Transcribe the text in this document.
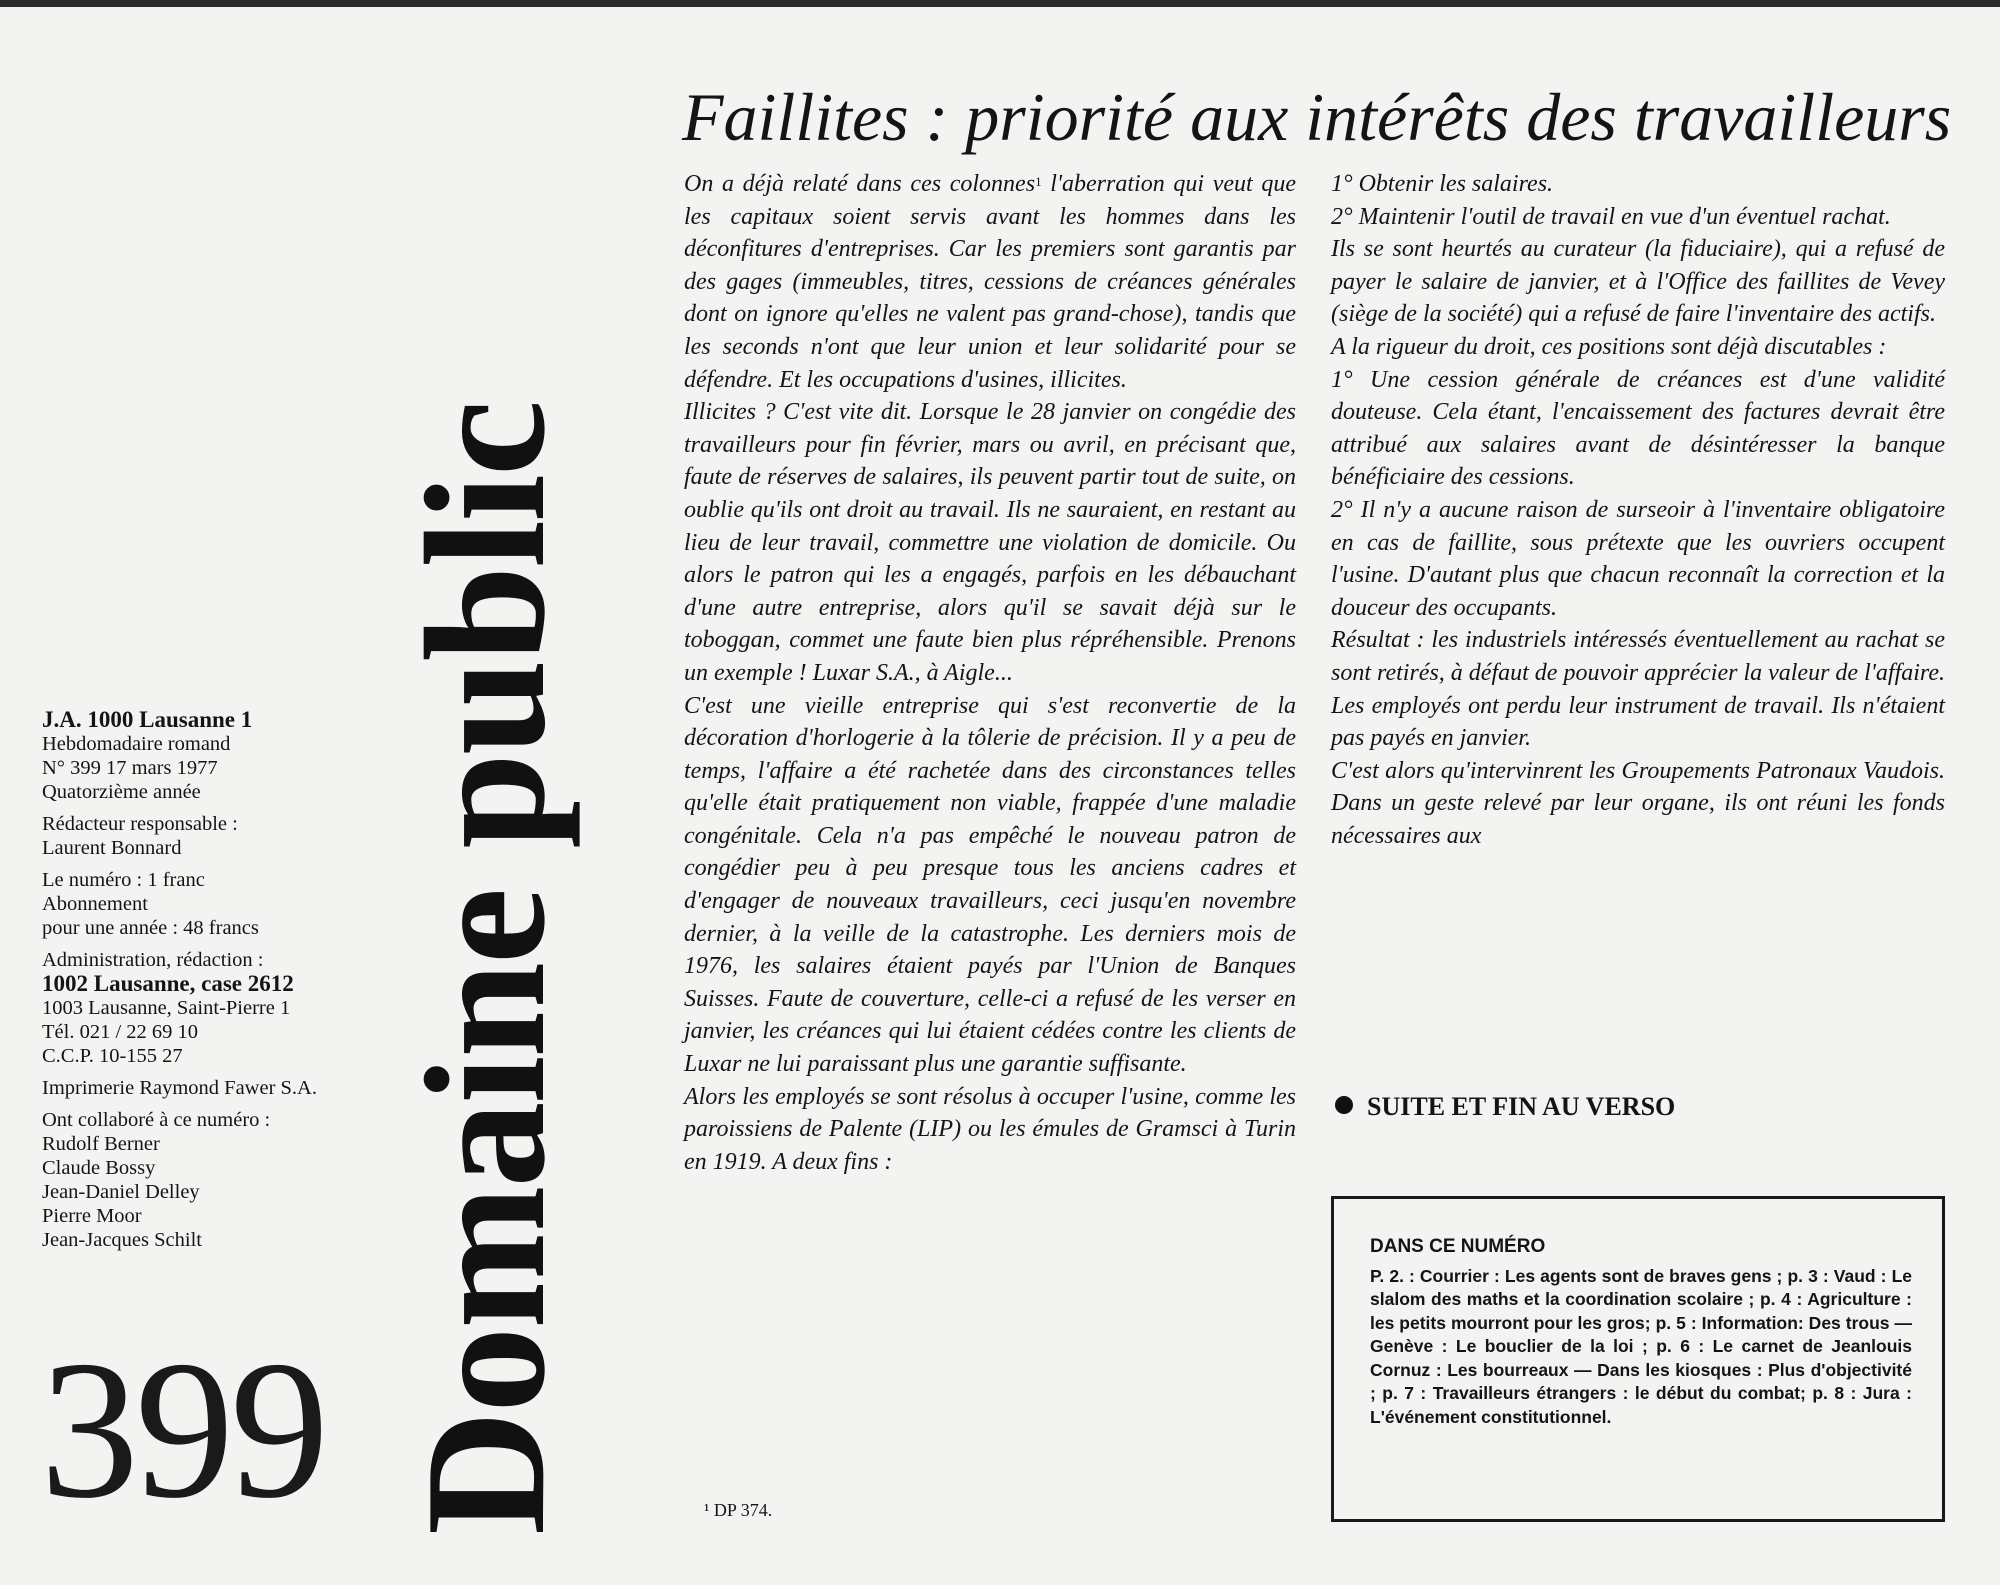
J.A. 1000 Lausanne 1
Hebdomadaire romand
N° 399 17 mars 1977
Quatorzième année
Rédacteur responsable :
Laurent Bonnard
Le numéro : 1 franc
Abonnement
pour une année : 48 francs
Administration, rédaction :
1002 Lausanne, case 2612
1003 Lausanne, Saint-Pierre 1
Tél. 021 / 22 69 10
C.C.P. 10-155 27
Imprimerie Raymond Fawer S.A.
Ont collaboré à ce numéro :
Rudolf Berner
Claude Bossy
Jean-Daniel Delley
Pierre Moor
Jean-Jacques Schilt
399 Domaine public
Faillites : priorité aux intérêts des travailleurs

On a déjà relaté dans ces colonnes$^1$ l'aberration qui veut que les capitaux soient servis avant les hommes dans les déconfitures d'entreprises. Car les premiers sont garantis par des gages (immeubles, titres, cessions de créances générales dont on ignore qu'elles ne valent pas grand-chose), tandis que les seconds n'ont que leur union et leur solidarité pour se défendre. Et les occupations d'usines, illicites.

Illicites ? C'est vite dit. Lorsque le 28 janvier on congédie des travailleurs pour fin février, mars ou avril, en précisant que, faute de réserves de salaires, ils peuvent partir tout de suite, on oublie qu'ils ont droit au travail. Ils ne sauraient, en restant au lieu de leur travail, commettre une violation de domicile. Ou alors le patron qui les a engagés, parfois en les débauchant d'une autre entreprise, alors qu'il se savait déjà sur le toboggan, commet une faute bien plus répréhensible. Prenons un exemple ! Luxar S.A., à Aigle...

C'est une vieille entreprise qui s'est reconvertie de la décoration d'horlogerie à la tôlerie de précision. Il y a peu de temps, l'affaire a été rachetée dans des circonstances telles qu'elle était pratiquement non viable, frappée d'une maladie congénitale. Cela n'a pas empêché le nouveau patron de congédier peu à peu presque tous les anciens cadres et d'engager de nouveaux travailleurs, ceci jusqu'en novembre dernier, à la veille de la catastrophe. Les derniers mois de 1976, les salaires étaient payés par l'Union de Banques Suisses. Faute de couverture, celle-ci a refusé de les verser en janvier, les créances qui lui étaient cédées contre les clients de Luxar ne lui paraissant plus une garantie suffisante.

Alors les employés se sont résolus à occuper l'usine, comme les paroissiens de Palente (LIP) ou les émules de Gramsci à Turin en 1919. A deux fins :

¹ DP 374.

1° Obtenir les salaires.

2° Maintenir l'outil de travail en vue d'un éventuel rachat.

Ils se sont heurtés au curateur (la fiduciaire), qui a refusé de payer le salaire de janvier, et à l'Office des faillites de Vevey (siège de la société) qui a refusé de faire l'inventaire des actifs.

A la rigueur du droit, ces positions sont déjà discutables :

1° Une cession générale de créances est d'une validité douteuse. Cela étant, l'encaissement des factures devrait être attribué aux salaires avant de désintéresser la banque bénéficiaire des cessions.

2° Il n'y a aucune raison de surseoir à l'inventaire obligatoire en cas de faillite, sous prétexte que les ouvriers occupent l'usine. D'autant plus que chacun reconnaît la correction et la douceur des occupants.

Résultat : les industriels intéressés éventuellement au rachat se sont retirés, à défaut de pouvoir apprécier la valeur de l'affaire. Les employés ont perdu leur instrument de travail. Ils n'étaient pas payés en janvier.

C'est alors qu'intervinrent les Groupements Patronaux Vaudois. Dans un geste relevé par leur organe, ils ont réuni les fonds nécessaires aux

SUITE ET FIN AU VERSO
DANS CE NUMÉRO
P. 2. : Courrier : Les agents sont de braves gens ; p. 3 : Vaud : Le slalom des maths et la coordination scolaire ; p. 4 : Agriculture : les petits mourront pour les gros; p. 5 : Information: Des trous — Genève : Le bouclier de la loi ; p. 6 : Le carnet de Jeanlouis Cornuz : Les bourreaux — Dans les kiosques : Plus d'objectivité ; p. 7 : Travailleurs étrangers : le début du combat; p. 8 : Jura : L'événement constitutionnel.
